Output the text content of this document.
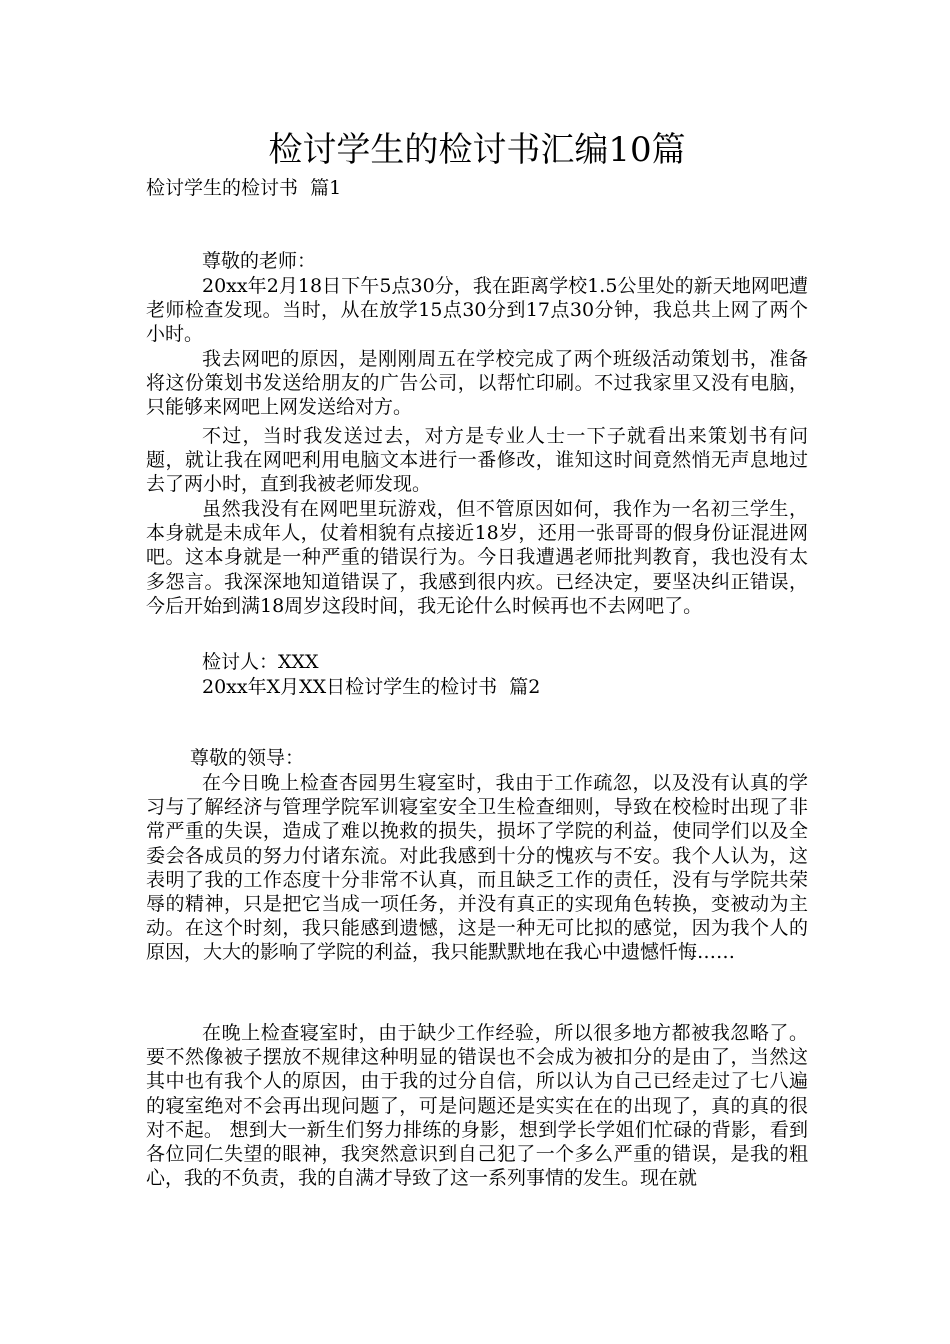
检讨学生的检讨书汇编10篇

检讨学生的检讨书  篇1

尊敬的老师：

20xx年2月18日下午5点30分，我在距离学校1.5公里处的新天地网吧遭老师检查发现。当时，从在放学15点30分到17点30分钟，我总共上网了两个小时。

我去网吧的原因，是刚刚周五在学校完成了两个班级活动策划书，准备将这份策划书发送给朋友的广告公司，以帮忙印刷。不过我家里又没有电脑，只能够来网吧上网发送给对方。

不过，当时我发送过去，对方是专业人士一下子就看出来策划书有问题，就让我在网吧利用电脑文本进行一番修改，谁知这时间竟然悄无声息地过去了两小时，直到我被老师发现。

虽然我没有在网吧里玩游戏，但不管原因如何，我作为一名初三学生，本身就是未成年人，仗着相貌有点接近18岁，还用一张哥哥的假身份证混进网吧。这本身就是一种严重的错误行为。今日我遭遇老师批判教育，我也没有太多怨言。我深深地知道错误了，我感到很内疚。已经决定，要坚决纠正错误，今后开始到满18周岁这段时间，我无论什么时候再也不去网吧了。

检讨人：XXX

20xx年X月XX日检讨学生的检讨书  篇2

尊敬的领导：

在今日晚上检查杏园男生寝室时，我由于工作疏忽，以及没有认真的学习与了解经济与管理学院军训寝室安全卫生检查细则，导致在校检时出现了非常严重的失误，造成了难以挽救的损失，损坏了学院的利益，使同学们以及全委会各成员的努力付诸东流。对此我感到十分的愧疚与不安。我个人认为，这表明了我的工作态度十分非常不认真，而且缺乏工作的责任，没有与学院共荣辱的精神，只是把它当成一项任务，并没有真正的实现角色转换，变被动为主动。在这个时刻，我只能感到遗憾，这是一种无可比拟的感觉，因为我个人的原因，大大的影响了学院的利益，我只能默默地在我心中遗憾忏悔……

在晚上检查寝室时，由于缺少工作经验，所以很多地方都被我忽略了。要不然像被子摆放不规律这种明显的错误也不会成为被扣分的是由了，当然这其中也有我个人的原因，由于我的过分自信，所以认为自己已经走过了七八遍的寝室绝对不会再出现问题了，可是问题还是实实在在的出现了，真的真的很对不起。 想到大一新生们努力排练的身影，想到学长学姐们忙碌的背影，看到各位同仁失望的眼神，我突然意识到自己犯了一个多么严重的错误，是我的粗心，我的不负责，我的自满才导致了这一系列事情的发生。现在就
